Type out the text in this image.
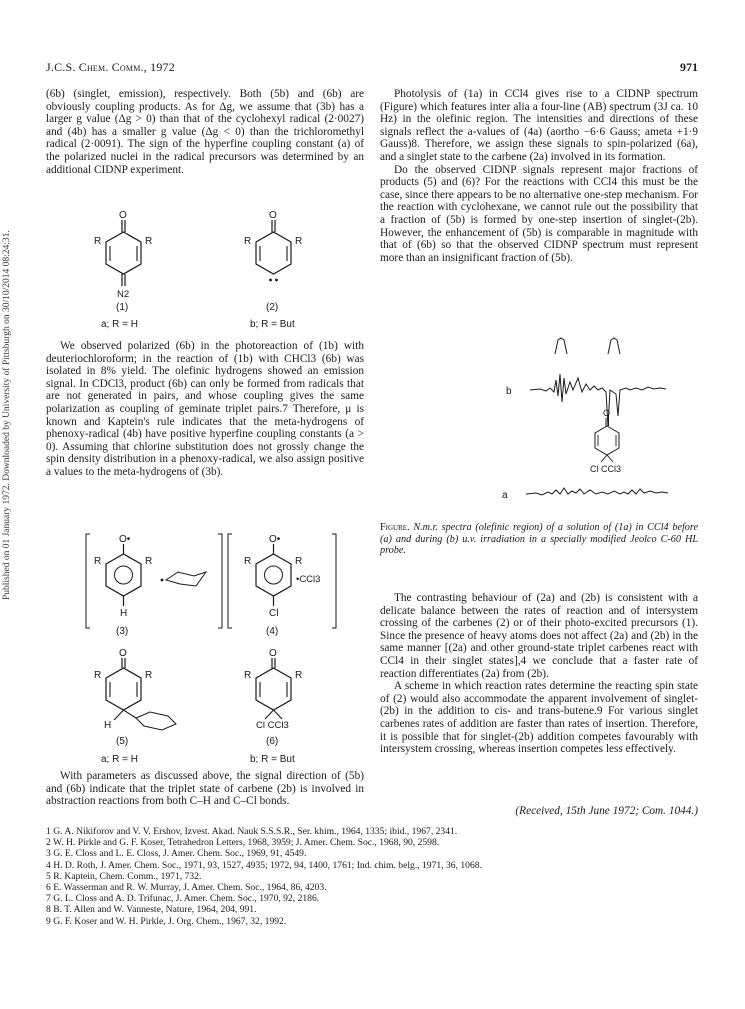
Published on 01 January 1972. Downloaded by University of Pittsburgh on 30/10/2014 08:24:31.
J.C.S. Chem. Comm., 1972	971

(6b) (singlet, emission), respectively. Both (5b) and (6b) are obviously coupling products. As for Δg, we assume that (3b) has a larger g value (Δg > 0) than that of the cyclohexyl radical (2·0027) and (4b) has a smaller g value (Δg < 0) than the trichloromethyl radical (2·0091). The sign of the hyperfine coupling constant (a) of the polarized nuclei in the radical precursors was determined by an additional CIDNP experiment.

O
R	R
N2
(1)
O
R	R
(2)
a; R = H	b; R = But

We observed polarized (6b) in the photoreaction of (1b) with deuteriochloroform; in the reaction of (1b) with CHCl3 (6b) was isolated in 8% yield. The olefinic hydrogens showed an emission signal. In CDCl3, product (6b) can only be formed from radicals that are not generated in pairs, and whose coupling gives the same polarization as coupling of geminate triplet pairs.7 Therefore, μ is known and Kaptein's rule indicates that the meta-hydrogens of phenoxy-radical (4b) have positive hyperfine coupling constants (a > 0). Assuming that chlorine substitution does not grossly change the spin density distribution in a phenoxy-radical, we also assign positive a values to the meta-hydrogens of (3b).

O•
R	R
H
(3)
O•
R	R
•CCl3
Cl
(4)
O
R	R
H
(5)
O
R	R
Cl CCl3
(6)
a; R = H	b; R = But

With parameters as discussed above, the signal direction of (5b) and (6b) indicate that the triplet state of carbene (2b) is involved in abstraction reactions from both C–H and C–Cl bonds.

Photolysis of (1a) in CCl4 gives rise to a CIDNP spectrum (Figure) which features inter alia a four-line (AB) spectrum (3J ca. 10 Hz) in the olefinic region. The intensities and directions of these signals reflect the a-values of (4a) (aortho −6·6 Gauss; ameta +1·9 Gauss)8. Therefore, we assign these signals to spin-polarized (6a), and a singlet state to the carbene (2a) involved in its formation.

Do the observed CIDNP signals represent major fractions of products (5) and (6)? For the reactions with CCl4 this must be the case, since there appears to be no alternative one-step mechanism. For the reaction with cyclohexane, we cannot rule out the possibility that a fraction of (5b) is formed by one-step insertion of singlet-(2b). However, the enhancement of (5b) is comparable in magnitude with that of (6b) so that the observed CIDNP spectrum must represent more than an insignificant fraction of (5b).

b
O
Cl CCl3
a
Figure. N.m.r. spectra (olefinic region) of a solution of (1a) in CCl4 before (a) and during (b) u.v. irradiation in a specially modified Jeolco C-60 HL probe.

The contrasting behaviour of (2a) and (2b) is consistent with a delicate balance between the rates of reaction and of intersystem crossing of the carbenes (2) or of their photo-excited precursors (1). Since the presence of heavy atoms does not affect (2a) and (2b) in the same manner [(2a) and other ground-state triplet carbenes react with CCl4 in their singlet states],4 we conclude that a faster rate of reaction differentiates (2a) from (2b).

A scheme in which reaction rates determine the reacting spin state of (2) would also accommodate the apparent involvement of singlet-(2b) in the addition to cis- and trans-butene.9 For various singlet carbenes rates of addition are faster than rates of insertion. Therefore, it is possible that for singlet-(2b) addition competes favourably with intersystem crossing, whereas insertion competes less effectively.

(Received, 15th June 1972; Com. 1044.)
1 G. A. Nikiforov and V. V. Ershov, Izvest. Akad. Nauk S.S.S.R., Ser. khim., 1964, 1335; ibid., 1967, 2341.
2 W. H. Pirkle and G. F. Koser, Tetrahedron Letters, 1968, 3959; J. Amer. Chem. Soc., 1968, 90, 2598.
3 G. E. Closs and L. E. Closs, J. Amer. Chem. Soc., 1969, 91, 4549.
4 H. D. Roth, J. Amer. Chem. Soc., 1971, 93, 1527, 4935; 1972, 94, 1400, 1761; Ind. chim. belg., 1971, 36, 1068.
5 R. Kaptein, Chem. Comm., 1971, 732.
6 E. Wasserman and R. W. Murray, J. Amer. Chem. Soc., 1964, 86, 4203.
7 G. L. Closs and A. D. Trifunac, J. Amer. Chem. Soc., 1970, 92, 2186.
8 B. T. Allen and W. Vanneste, Nature, 1964, 204, 991.
9 G. F. Koser and W. H. Pirkle, J. Org. Chem., 1967, 32, 1992.
